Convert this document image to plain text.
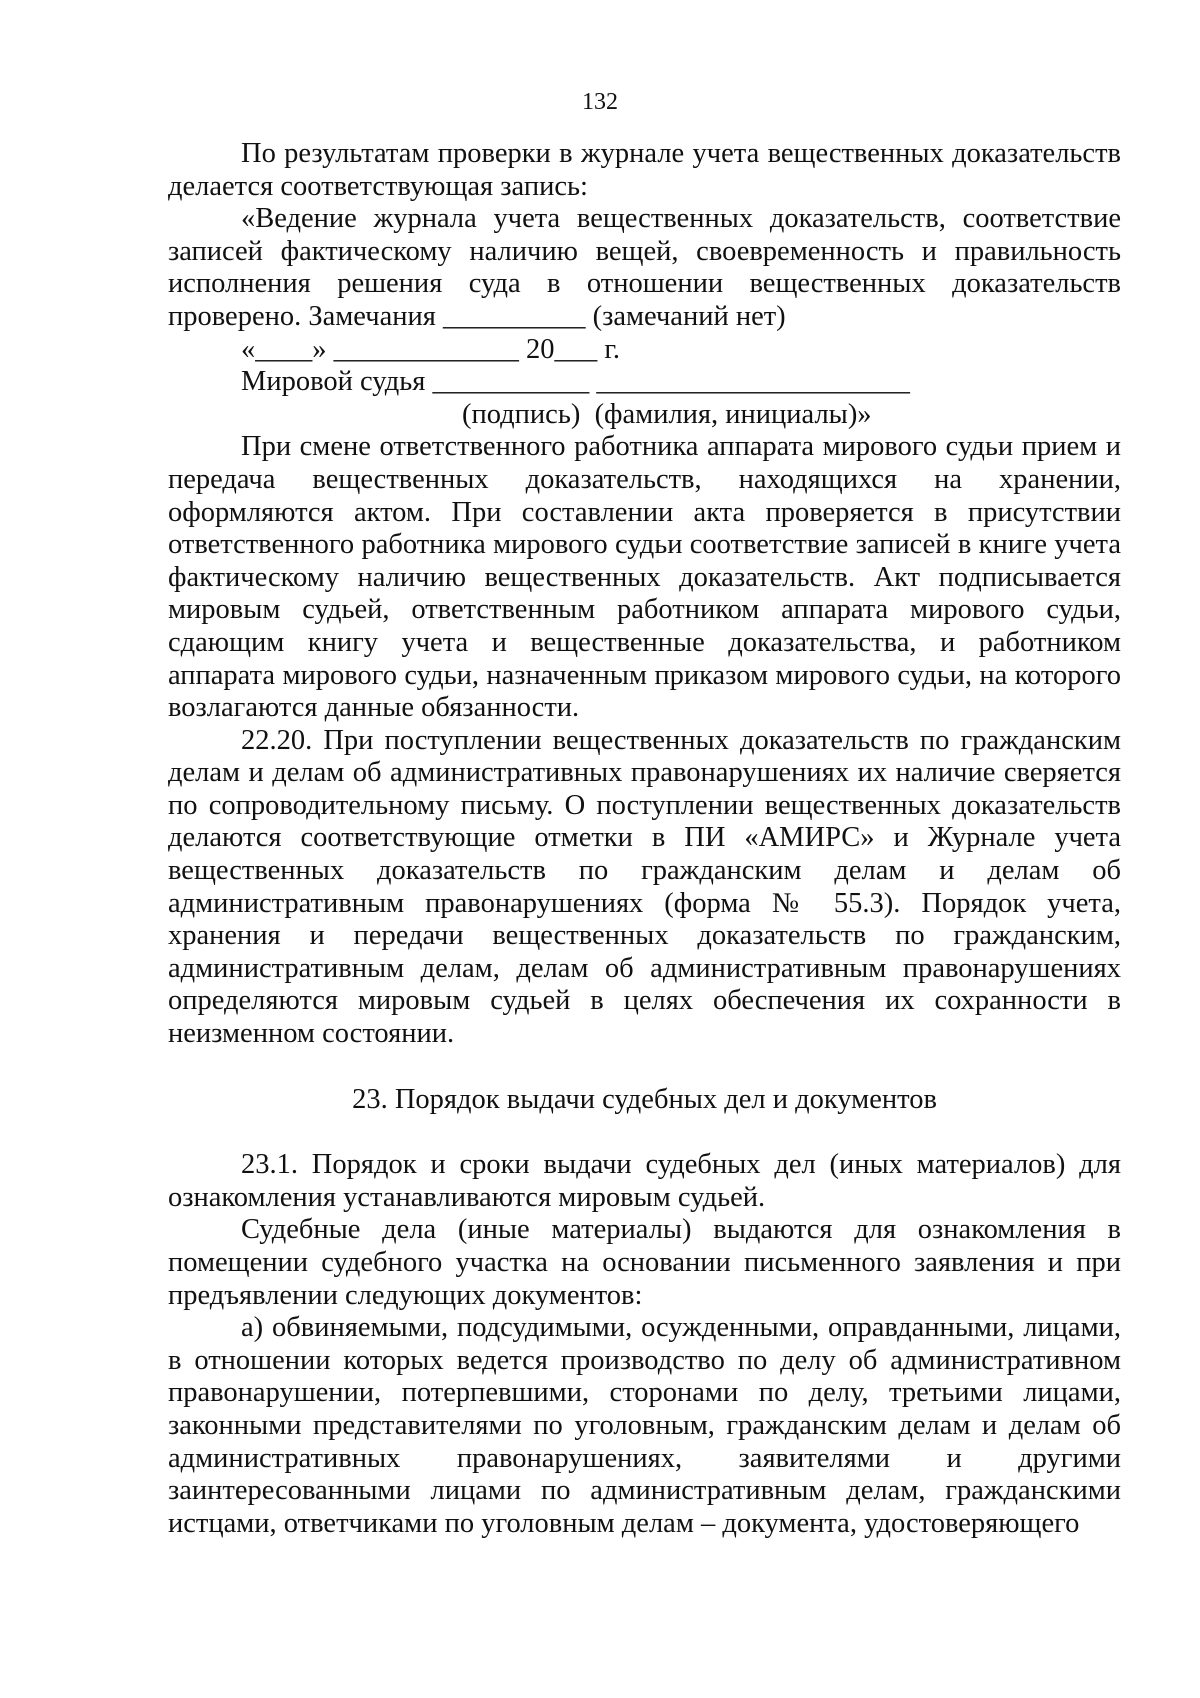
132

По результатам проверки в журнале учета вещественных доказательств делается соответствующая запись:

«Ведение журнала учета вещественных доказательств, соответствие записей фактическому наличию вещей, своевременность и правильность исполнения решения суда в отношении вещественных доказательств проверено. Замечания __________ (замечаний нет)

«____» _____________ 20___ г.

Мировой судья ___________ ______________________

(подпись)  (фамилия, инициалы)»

При смене ответственного работника аппарата мирового судьи прием и передача вещественных доказательств, находящихся на хранении, оформляются актом. При составлении акта проверяется в присутствии ответственного работника мирового судьи соответствие записей в книге учета фактическому наличию вещественных доказательств. Акт подписывается мировым судьей, ответственным работником аппарата мирового судьи, сдающим книгу учета и вещественные доказательства, и работником аппарата мирового судьи, назначенным приказом мирового судьи, на которого возлагаются данные обязанности.

22.20. При поступлении вещественных доказательств по гражданским делам и делам об административных правонарушениях их наличие сверяется по сопроводительному письму. О поступлении вещественных доказательств делаются соответствующие отметки в ПИ «АМИРС» и Журнале учета вещественных доказательств по гражданским делам и делам об административным правонарушениях (форма № 55.3). Порядок учета, хранения и передачи вещественных доказательств по гражданским, административным делам, делам об административным правонарушениях определяются мировым судьей в целях обеспечения их сохранности в неизменном состоянии.

23. Порядок выдачи судебных дел и документов

23.1. Порядок и сроки выдачи судебных дел (иных материалов) для ознакомления устанавливаются мировым судьей.

Судебные дела (иные материалы) выдаются для ознакомления в помещении судебного участка на основании письменного заявления и при предъявлении следующих документов:

а) обвиняемыми, подсудимыми, осужденными, оправданными, лицами, в отношении которых ведется производство по делу об административном правонарушении, потерпевшими, сторонами по делу, третьими лицами, законными представителями по уголовным, гражданским делам и делам об административных правонарушениях, заявителями и другими заинтересованными лицами по административным делам, гражданскими истцами, ответчиками по уголовным делам – документа, удостоверяющего
